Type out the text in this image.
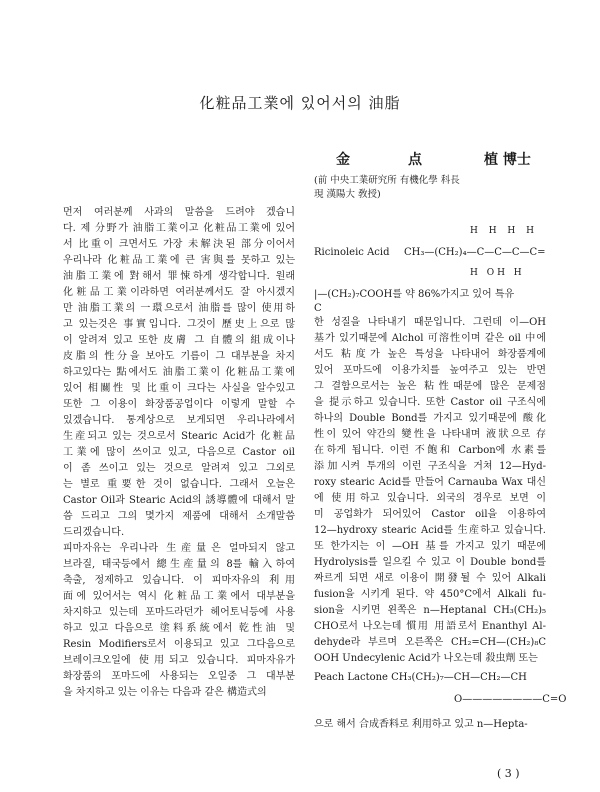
化粧品工業에 있어서의 油脂
金	点	植 博士
(前 中央工業研究所 有機化學 科長
現 漢陽大 敎授)
먼저 여러분께 사과의 말씀을 드려야 겠습니
다. 제 分野가 油脂工業이고 化粧品工業에 있어
서 比重이 크면서도 가장 未解決된 部分이어서
우리나라 化粧品工業에 큰 害與를 못하고 있는
油脂工業에 對해서 罪悚하게 생각합니다. 원래
化粧品工業이라하면 여러분께서도 잘 아시겠지
만 油脂工業의 一環으로서 油脂를 많이 使用하
고 있는것은 事實입니다. 그것이 歷史上으로 많
이 알려져 있고 또한 皮膚 그 自體의 組成이나
皮脂의 性分을 보아도 기름이 그 대부분을 차지
하고있다는 點에서도 油脂工業이 化粧品工業에
있어 相關性 및 比重이 크다는 사실을 알수있고
또한 그 이용이 화장품공업이다 이렇게 말할 수
있겠습니다. 통계상으로 보게되면 우리나라에서
生産되고 있는 것으로서 Stearic Acid가 化粧品
工業에 많이 쓰이고 있고, 다음으로 Castor oil
이 좀 쓰이고 있는 것으로 알려져 있고 그외로
는 별로 重要한 것이 없습니다. 그래서 오늘은
Castor Oil과 Stearic Acid의 誘導體에 대해서 말
씀 드리고 그의 몇가지 제품에 대해서 소개말씀
드리겠습니다.
피마자유는 우리나라 生産量은 얼마되지 않고
브라질, 태국등에서 總生産量의 8를 輸入하여
축출, 정제하고 있습니다. 이 피마자유의 利用
面에 있어서는 역시 化粧品工業에서 대부분을
차지하고 있는데 포마드라던가 헤어토닉등에 사용
하고 있고 다음으로 塗料系統에서 乾性油 및
Resin Modifiers로서 이용되고 있고 그다음으로
브레이크오일에 使用되고 있습니다. 피마자유가
화장품의 포마드에 사용되는 오일중 그 대부분
을 차지하고 있는 이유는 다음과 같은 構造式의
H H H H
Ricinoleic Acid CH₃—(CH₂)₄—C—C—C—C=
H OH H
|—(CH₂)₇COOH를 약 86%가지고 있어 특유
C
한 성질을 나타내기 때문입니다. 그런데 이—OH
基가 있기때문에 Alchol 可溶性이며 같은 oil 中에
서도 粘度가 높은 특성을 나타내어 화장품계에
있어 포마드에 이용가치를 높여주고 있는 반면
그 결함으로서는 높은 粘性때문에 많은 문제점
을 提示하고 있습니다. 또한 Castor oil 구조식에
하나의 Double Bond를 가지고 있기때문에 酸化
性이 있어 약간의 變性을 나타내며 液狀으로 存
在하게 됩니다. 이런 不飽和 Carbon에 水素를
添加시켜 투개의 이런 구조식을 거쳐 12—Hyd-
roxy stearic Acid를 만들어 Carnauba Wax 대신
에 使用하고 있습니다. 외국의 경우로 보면 이
미 공업화가 되어있어 Castor oil을 이용하여
12—hydroxy stearic Acid를 生産하고 있습니다.
또 한가지는 이 —OH 基를 가지고 있기 때문에
Hydrolysis를 일으킬 수 있고 이 Double bond를
짜르게 되면 새로 이용이 開發될 수 있어 Alkali
fusion을 시키게 된다. 약 450°C에서 Alkali fu-
sion을 시키면 왼쪽은 n—Heptanal CH₃(CH₂)₅
CHO로서 나오는데 慣用 用語로서 Enanthyl Al-
dehyde라 부르며 오른쪽은 CH₂=CH—(CH₂)₈C
OOH Undecylenic Acid가 나오는데 殺虫劑 또는
Peach Lactone CH₃(CH₂)₇—CH—CH₂—CH
O————————C=O
으로 해서 合成香料로 利用하고 있고 n—Hepta-
( 3 )
